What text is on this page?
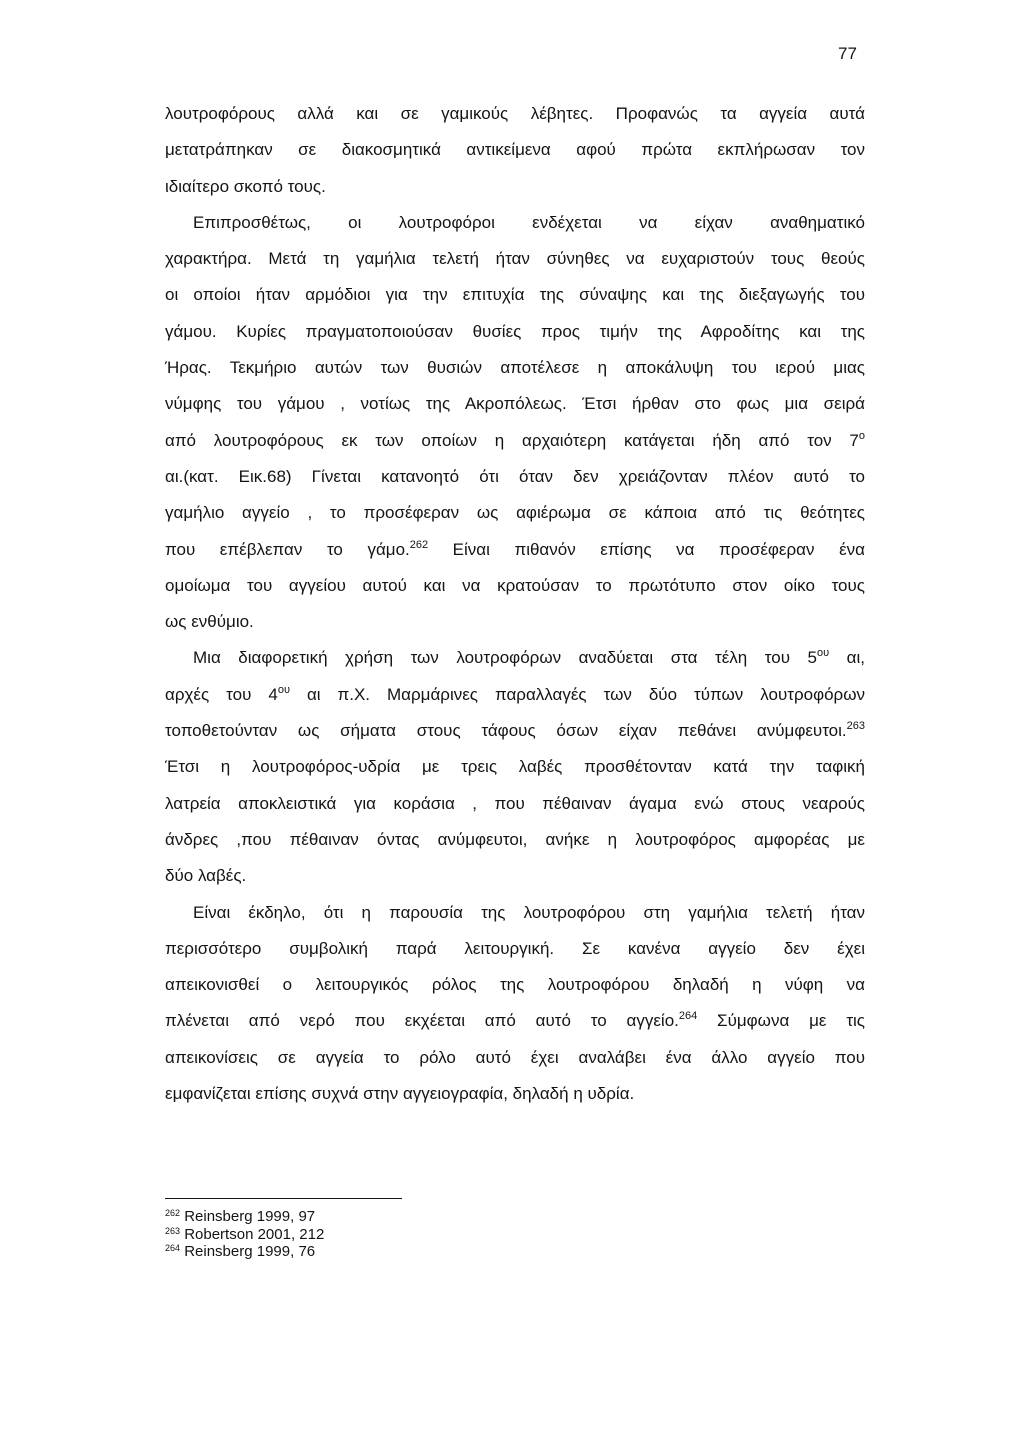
77
λουτροφόρους αλλά και σε γαμικούς λέβητες. Προφανώς τα αγγεία αυτά
μετατράπηκαν σε διακοσμητικά αντικείμενα αφού πρώτα εκπλήρωσαν τον
ιδιαίτερο σκοπό τους.
Επιπροσθέτως, οι λουτροφόροι ενδέχεται να είχαν αναθηματικό
χαρακτήρα. Μετά τη γαμήλια τελετή ήταν σύνηθες να ευχαριστούν τους θεούς
οι οποίοι ήταν αρμόδιοι για την επιτυχία της σύναψης και της διεξαγωγής του
γάμου. Κυρίες πραγματοποιούσαν θυσίες προς τιμήν της Αφροδίτης και της
Ήρας. Τεκμήριο αυτών των θυσιών αποτέλεσε η αποκάλυψη του ιερού μιας
νύμφης του γάμου , νοτίως της Ακροπόλεως. Έτσι ήρθαν στο φως μια σειρά
από λουτροφόρους εκ των οποίων η αρχαιότερη κατάγεται ήδη από τον $7^o$
αι.(κατ. Εικ.68) Γίνεται κατανοητό ότι όταν δεν χρειάζονταν πλέον αυτό το
γαμήλιο αγγείο , το προσέφεραν ως αφιέρωμα σε κάποια από τις θεότητες
που επέβλεπαν το γάμο.$^{262}$ Είναι πιθανόν επίσης να προσέφεραν ένα
ομοίωμα του αγγείου αυτού και να κρατούσαν το πρωτότυπο στον οίκο τους
ως ενθύμιο.
Μια διαφορετική χρήση των λουτροφόρων αναδύεται στα τέλη του $5^{o\upsilon}$ αι,
αρχές του $4^{o\upsilon}$ αι π.Χ. Μαρμάρινες παραλλαγές των δύο τύπων λουτροφόρων
τοποθετούνταν ως σήματα στους τάφους όσων είχαν πεθάνει ανύμφευτοι.$^{263}$
Έτσι η λουτροφόρος-υδρία με τρεις λαβές προσθέτονταν κατά την ταφική
λατρεία αποκλειστικά για κοράσια , που πέθαιναν άγαμα ενώ στους νεαρούς
άνδρες ,που πέθαιναν όντας ανύμφευτοι, ανήκε η λουτροφόρος αμφορέας με
δύο λαβές.
Είναι έκδηλο, ότι η παρουσία της λουτροφόρου στη γαμήλια τελετή ήταν
περισσότερο συμβολική παρά λειτουργική. Σε κανένα αγγείο δεν έχει
απεικονισθεί ο λειτουργικός ρόλος της λουτροφόρου δηλαδή η νύφη να
πλένεται από νερό που εκχέεται από αυτό το αγγείο.$^{264}$ Σύμφωνα με τις
απεικονίσεις σε αγγεία το ρόλο αυτό έχει αναλάβει ένα άλλο αγγείο που
εμφανίζεται επίσης συχνά στην αγγειογραφία, δηλαδή η υδρία.
$^{262}$ Reinsberg 1999, 97
$^{263}$ Robertson 2001, 212
$^{264}$ Reinsberg 1999, 76
